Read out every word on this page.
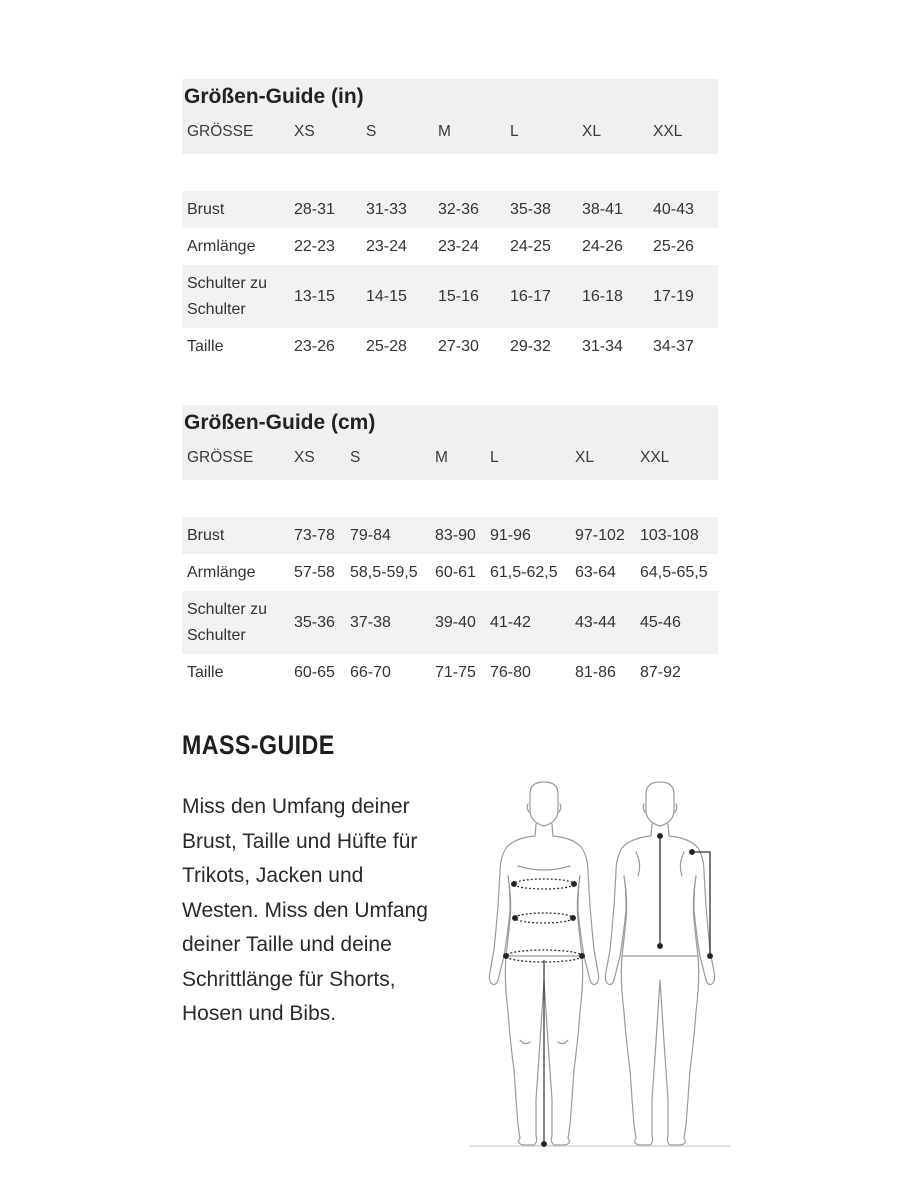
Größen-Guide (in)
GRÖSSE	XS	S	M	L	XL	XXL
Brust	28-31 31-33 32-36 35-38 38-41 40-43
Armlänge 22-23 23-24 23-24 24-25 24-26 25-26
Schulter zu
Schulter
13-15 14-15 15-16 16-17 16-18 17-19
Taille	23-26 25-28 27-30 29-32 31-34 34-37
Größen-Guide (cm)
GRÖSSE	XS S	M	L	XL	XXL
Brust	73-78 79-84	83-90 91-96	97-102 103-108
Armlänge 57-58 58,5-59,5 60-61 61,5-62,5 63-64 64,5-65,5
Schulter zu
Schulter
35-36 37-38	39-40 41-42	43-44 45-46
Taille	60-65 66-70	71-75 76-80	81-86 87-92
MASS-GUIDE
Miss den Umfang deiner Brust, Taille und Hüfte für Trikots, Jacken und Westen. Miss den Umfang deiner Taille und deine Schrittlänge für Shorts, Hosen und Bibs.
